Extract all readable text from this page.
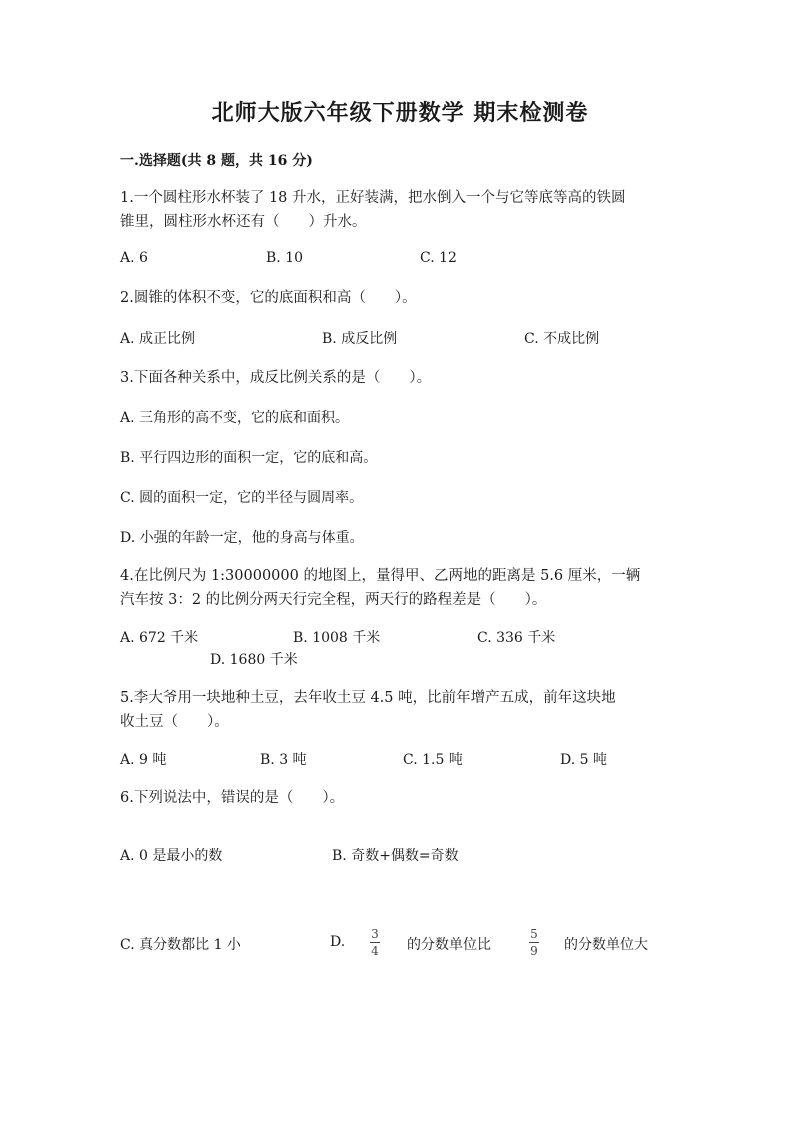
北师大版六年级下册数学 期末检测卷
一.选择题(共 8 题，共 16 分)
1.一个圆柱形水杯装了 18 升水，正好装满，把水倒入一个与它等底等高的铁圆
锥里，圆柱形水杯还有（　　）升水。
A. 6	B. 10	C. 12
2.圆锥的体积不变，它的底面积和高（　　）。
A. 成正比例	B. 成反比例	C. 不成比例
3.下面各种关系中，成反比例关系的是（　　）。
A. 三角形的高不变，它的底和面积。
B. 平行四边形的面积一定，它的底和高。
C. 圆的面积一定，它的半径与圆周率。
D. 小强的年龄一定，他的身高与体重。
4.在比例尺为 1:30000000 的地图上，量得甲、乙两地的距离是 5.6 厘米，一辆
汽车按 3：2 的比例分两天行完全程，两天行的路程差是（　　）。
A. 672 千米	B. 1008 千米	C. 336 千米
D. 1680 千米
5.李大爷用一块地种土豆，去年收土豆 4.5 吨，比前年增产五成，前年这块地
收土豆（　　）。
A. 9 吨	B. 3 吨	C. 1.5 吨	D. 5 吨
6.下列说法中，错误的是（　　）。
A. 0 是最小的数	B. 奇数+偶数=奇数
C. 真分数都比 1 小	D. 3
4 的分数单位比
5
9 的分数单位大
